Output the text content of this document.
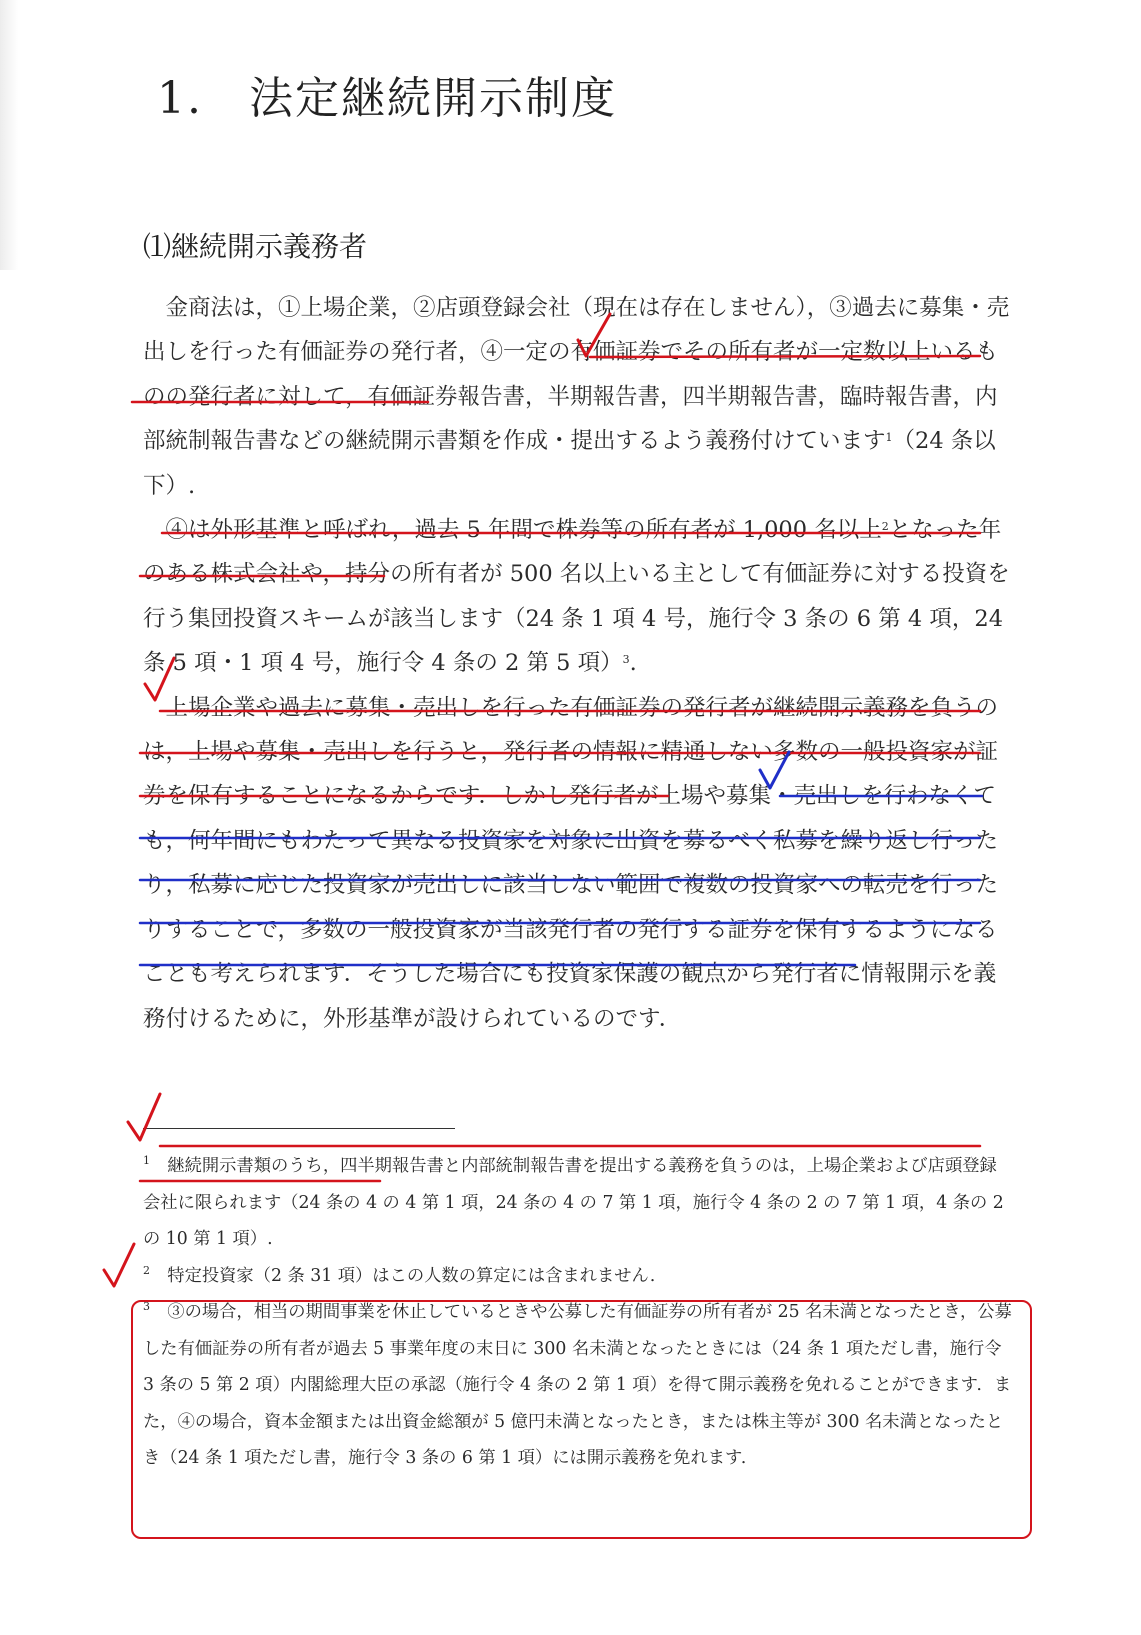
1.　法定継続開示制度
⑴継続開示義務者

金商法は，①上場企業，②店頭登録会社（現在は存在しません），③過去に募集・売出しを行った有価証券の発行者，④一定の有価証券でその所有者が一定数以上いるものの発行者に対して，有価証券報告書，半期報告書，四半期報告書，臨時報告書，内部統制報告書などの継続開示書類を作成・提出するよう義務付けています$^1$（24 条以下）.

④は外形基準と呼ばれ，過去 5 年間で株券等の所有者が 1,000 名以上$^2$となった年のある株式会社や，持分の所有者が 500 名以上いる主として有価証券に対する投資を行う集団投資スキームが該当します（24 条 1 項 4 号，施行令 3 条の 6 第 4 項，24 条 5 項・1 項 4 号，施行令 4 条の 2 第 5 項）$^3$.

上場企業や過去に募集・売出しを行った有価証券の発行者が継続開示義務を負うのは，上場や募集・売出しを行うと，発行者の情報に精通しない多数の一般投資家が証券を保有することになるからです．しかし発行者が上場や募集・売出しを行わなくても，何年間にもわたって異なる投資家を対象に出資を募るべく私募を繰り返し行ったり，私募に応じた投資家が売出しに該当しない範囲で複数の投資家への転売を行ったりすることで，多数の一般投資家が当該発行者の発行する証券を保有するようになることも考えられます．そうした場合にも投資家保護の観点から発行者に情報開示を義務付けるために，外形基準が設けられているのです．

$^1$　 継続開示書類のうち，四半期報告書と内部統制報告書を提出する義務を負うのは，上場企業および店頭登録会社に限られます（24 条の 4 の 4 第 1 項，24 条の 4 の 7 第 1 項，施行令 4 条の 2 の 7 第 1 項，4 条の 2 の 10 第 1 項）.

$^2$　 特定投資家（2 条 31 項）はこの人数の算定には含まれません．

$^3$　 ③の場合，相当の期間事業を休止しているときや公募した有価証券の所有者が 25 名未満となったとき，公募した有価証券の所有者が過去 5 事業年度の末日に 300 名未満となったときには（24 条 1 項ただし書，施行令 3 条の 5 第 2 項）内閣総理大臣の承認（施行令 4 条の 2 第 1 項）を得て開示義務を免れることができます．また，④の場合，資本金額または出資金総額が 5 億円未満となったとき，または株主等が 300 名未満となったとき（24 条 1 項ただし書，施行令 3 条の 6 第 1 項）には開示義務を免れます．
